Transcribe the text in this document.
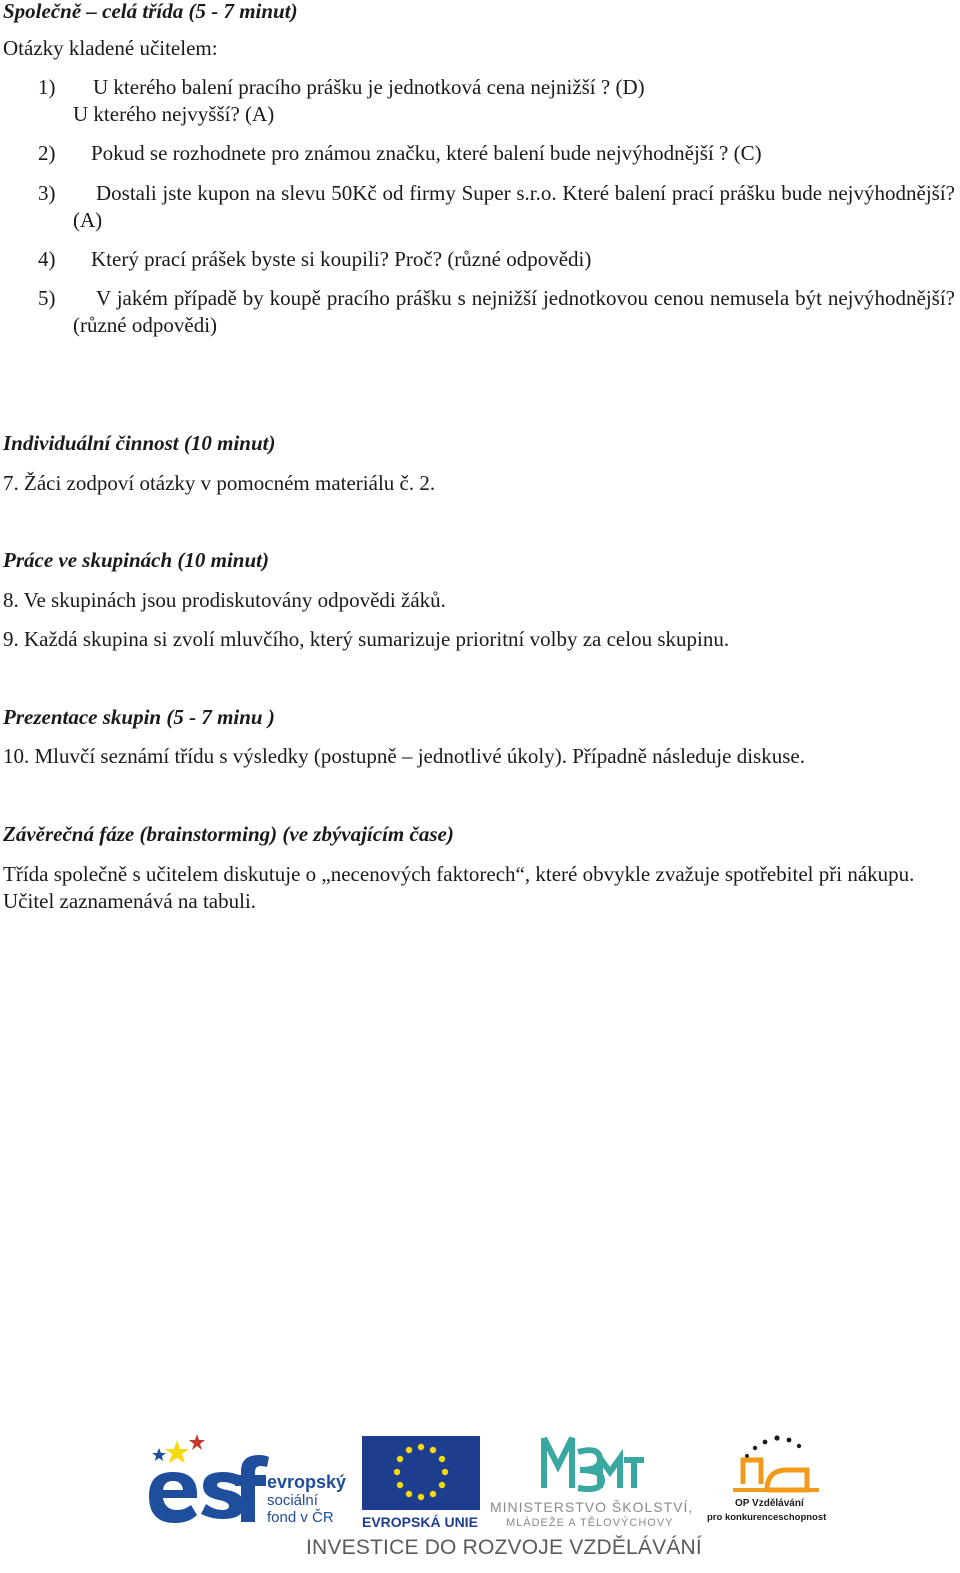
Společně – celá třída (5 - 7 minut)

Otázky kladené učitelem:

1)	U kterého balení pracího prášku je jednotková cena nejnižší ? (D)
U kterého nejvyšší? (A)
2)	Pokud se rozhodnete pro známou značku, které balení bude nejvýhodnější ? (C)
3)	Dostali jste kupon na slevu 50Kč od firmy Super s.r.o. Které balení prací prášku bude nejvýhodnější? (A)
4)	Který prací prášek byste si koupili? Proč? (různé odpovědi)
5)	V jakém případě by koupě pracího prášku s nejnižší jednotkovou cenou nemusela být nejvýhodnější? (různé odpovědi)
Individuální činnost (10 minut)

7. Žáci zodpoví otázky v pomocném materiálu č. 2.

Práce ve skupinách (10 minut)

8. Ve skupinách jsou prodiskutovány odpovědi žáků.

9. Každá skupina si zvolí mluvčího, který sumarizuje prioritní volby za celou skupinu.

Prezentace skupin (5 - 7 minu )

10. Mluvčí seznámí třídu s výsledky (postupně – jednotlivé úkoly). Případně následuje diskuse.

Závěrečná fáze (brainstorming) (ve zbývajícím čase)

Třída společně s učitelem diskutuje o „necenových faktorech“, které obvykle zvažuje spotřebitel při nákupu. Učitel zaznamenává na tabuli.

evropský
sociální
fond v ČR EVROPSKÁ UNIE
MINISTERSTVO ŠKOLSTVÍ,
MLÁDEŽE A TĚLOVÝCHOVY
OP Vzdělávání
pro konkurenceschopnost
INVESTICE DO ROZVOJE VZDĚLÁVÁNÍ
